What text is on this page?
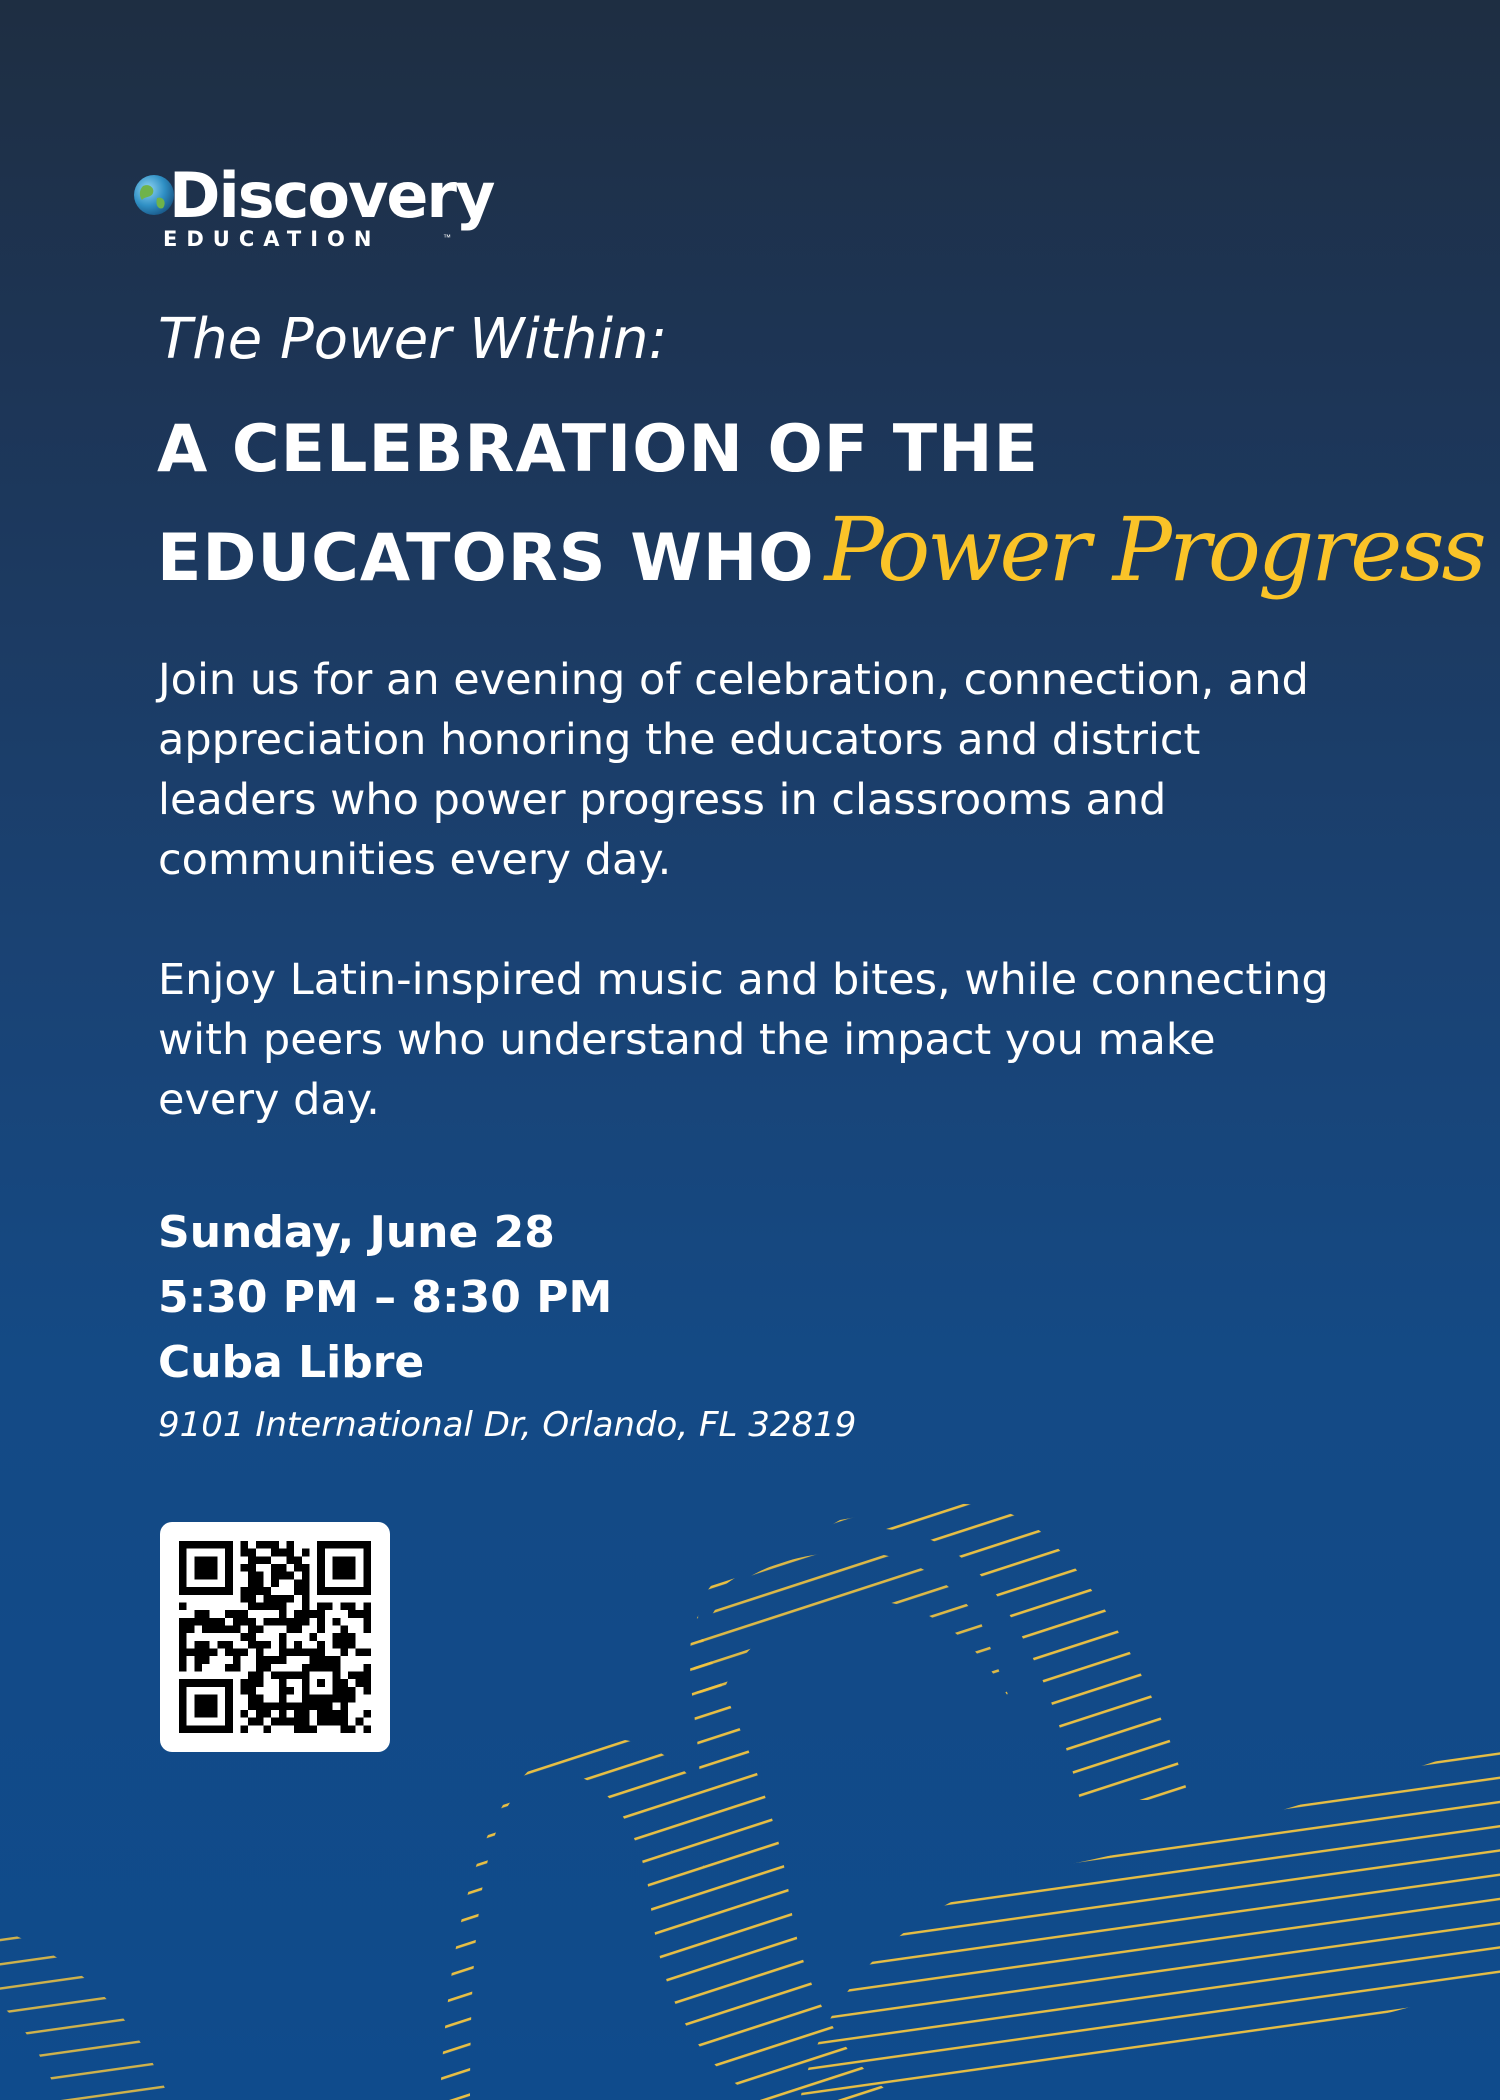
Discovery
EDUCATION	™
The Power Within:
A CELEBRATION OF THE
EDUCATORS WHO Power Progress
Join us for an evening of celebration, connection, and appreciation honoring the educators and district leaders who power progress in classrooms and communities every day.
Enjoy Latin-inspired music and bites, while connecting with peers who understand the impact you make every day.
Sunday, June 28
5:30 PM – 8:30 PM
Cuba Libre
9101 International Dr, Orlando, FL 32819
